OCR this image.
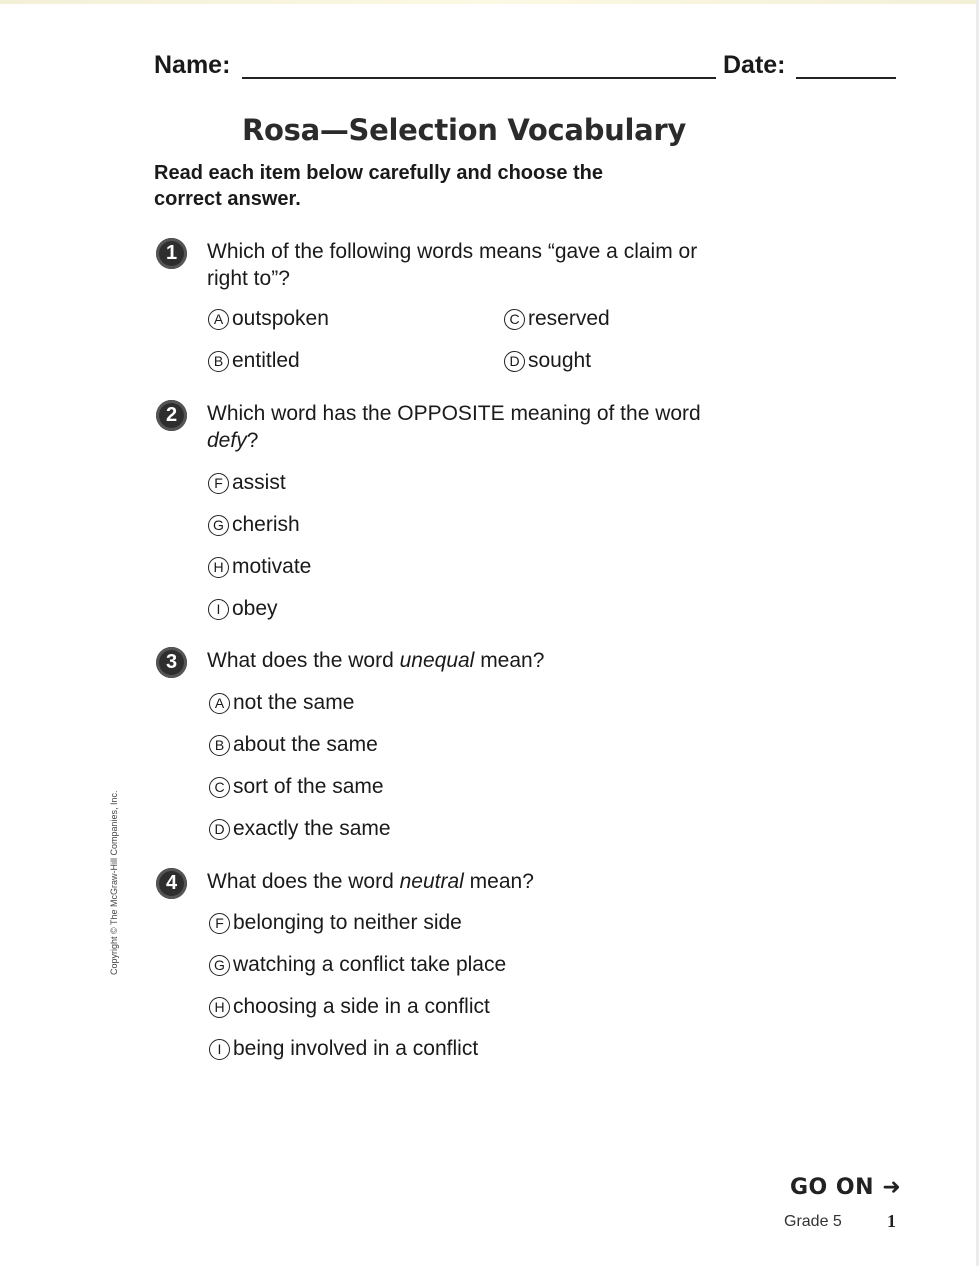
Name:	Date:
Rosa—Selection Vocabulary
Read each item below carefully and choose the correct answer.
1	Which of the following words means “gave a claim or right to”?
A outspoken
B entitled
C reserved
D sought
2	Which word has the OPPOSITE meaning of the word defy?
F assist
G cherish
H motivate
I obey
3	What does the word unequal mean?
A not the same
B about the same
C sort of the same
D exactly the same
4	What does the word neutral mean?
F belonging to neither side
G watching a conflict take place
H choosing a side in a conflict
I being involved in a conflict
Copyright © The McGraw-Hill Companies, Inc.
GO ON ➜
Grade 5	1
